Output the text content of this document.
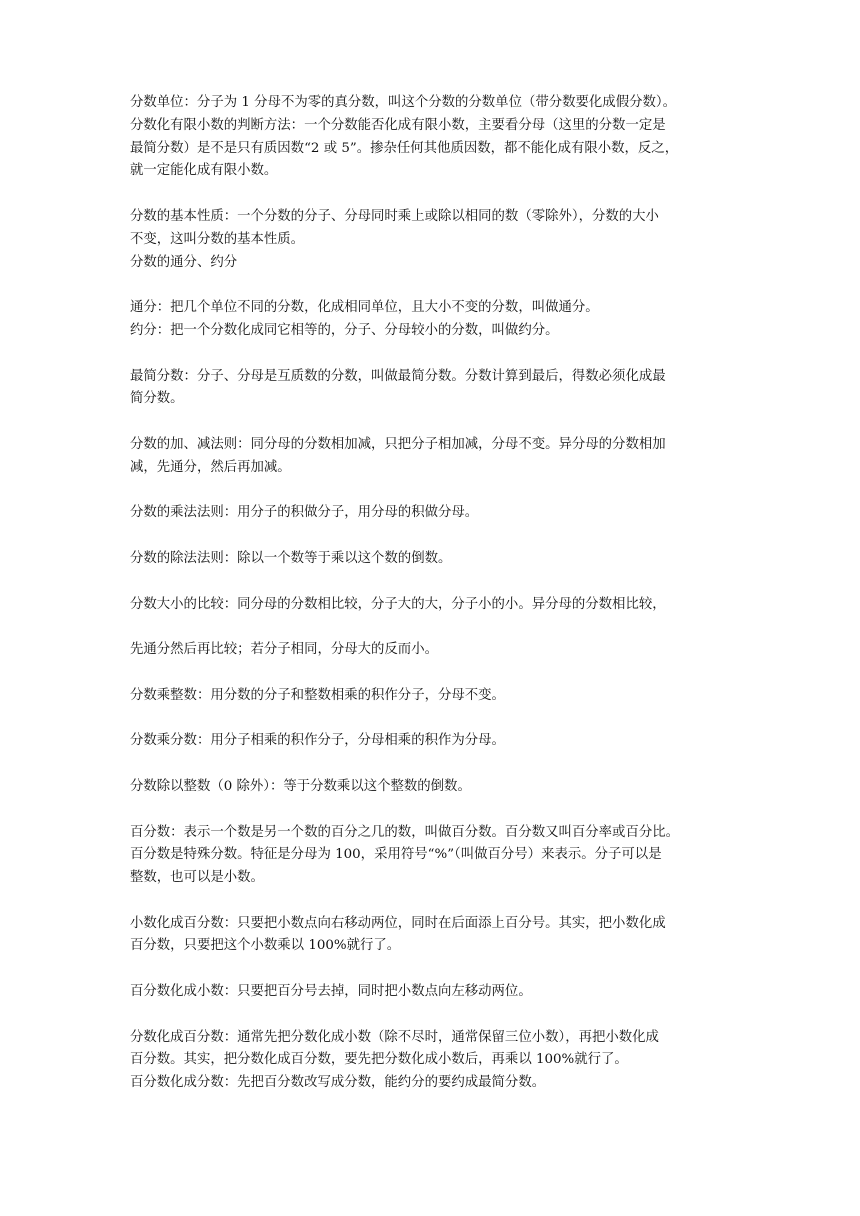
分数单位：分子为 1 分母不为零的真分数，叫这个分数的分数单位（带分数要化成假分数）。
分数化有限小数的判断方法：一个分数能否化成有限小数，主要看分母（这里的分数一定是
最简分数）是不是只有质因数“2 或 5”。掺杂任何其他质因数，都不能化成有限小数，反之，
就一定能化成有限小数。
分数的基本性质：一个分数的分子、分母同时乘上或除以相同的数（零除外），分数的大小
不变，这叫分数的基本性质。
分数的通分、约分
通分：把几个单位不同的分数，化成相同单位，且大小不变的分数，叫做通分。
约分：把一个分数化成同它相等的，分子、分母较小的分数，叫做约分。
最简分数：分子、分母是互质数的分数，叫做最简分数。分数计算到最后，得数必须化成最
简分数。
分数的加、减法则：同分母的分数相加减，只把分子相加减，分母不变。异分母的分数相加
减，先通分，然后再加减。
分数的乘法法则：用分子的积做分子，用分母的积做分母。
分数的除法法则：除以一个数等于乘以这个数的倒数。
分数大小的比较：同分母的分数相比较，分子大的大，分子小的小。异分母的分数相比较，
先通分然后再比较；若分子相同，分母大的反而小。
分数乘整数：用分数的分子和整数相乘的积作分子，分母不变。
分数乘分数：用分子相乘的积作分子，分母相乘的积作为分母。
分数除以整数（0 除外）：等于分数乘以这个整数的倒数。
百分数：表示一个数是另一个数的百分之几的数，叫做百分数。百分数又叫百分率或百分比。
百分数是特殊分数。特征是分母为 100，采用符号“%”（叫做百分号）来表示。分子可以是
整数，也可以是小数。
小数化成百分数：只要把小数点向右移动两位，同时在后面添上百分号。其实，把小数化成
百分数，只要把这个小数乘以 100%就行了。
百分数化成小数：只要把百分号去掉，同时把小数点向左移动两位。
分数化成百分数：通常先把分数化成小数（除不尽时，通常保留三位小数），再把小数化成
百分数。其实，把分数化成百分数，要先把分数化成小数后，再乘以 100%就行了。
百分数化成分数：先把百分数改写成分数，能约分的要约成最简分数。
